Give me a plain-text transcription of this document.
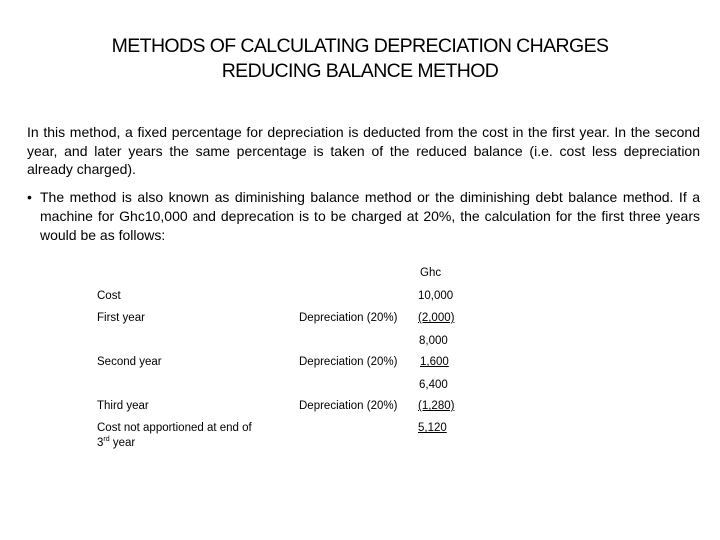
METHODS OF CALCULATING DEPRECIATION CHARGES
REDUCING BALANCE METHOD
In this method, a fixed percentage for depreciation is deducted from the cost in the first year. In the second year, and later years the same percentage is taken of the reduced balance (i.e. cost less depreciation already charged).
• The method is also known as diminishing balance method or the diminishing debt balance method. If a machine for Ghc10,000 and deprecation is to be charged at 20%, the calculation for the first three years would be as follows:
Ghc
Cost	10,000
First year	Depreciation (20%) (2,000)
8,000
Second year	Depreciation (20%) 1,600
6,400
Third year	Depreciation (20%) (1,280)
Cost not apportioned at end of
3rd year
5,120
